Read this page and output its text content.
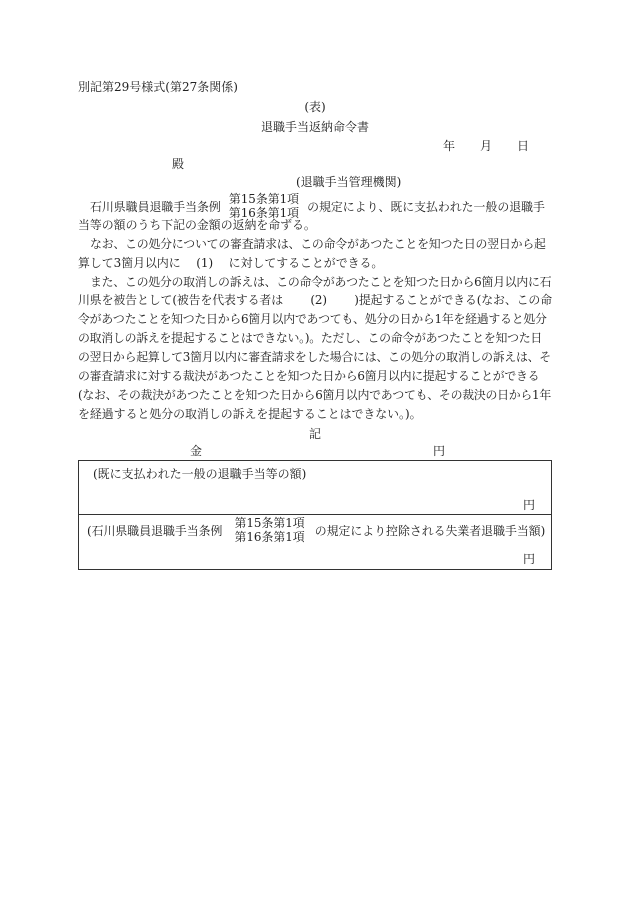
別記第29号様式(第27条関係)
(表)
退職手当返納命令書
年 月 日
殿
(退職手当管理機関)
石川県職員退職手当条例
第15条第1項
第16条第1項 の規定により、既に支払われた一般の退職手
当等の額のうち下記の金額の返納を命ずる。
なお、この処分についての審査請求は、この命令があつたことを知つた日の翌日から起
算して3箇月以内に (1) に対してすることができる。
また、この処分の取消しの訴えは、この命令があつたことを知つた日から6箇月以内に石
川県を被告として(被告を代表する者は (2) )提起することができる(なお、この命
令があつたことを知つた日から6箇月以内であつても、処分の日から1年を経過すると処分
の取消しの訴えを提起することはできない。)。ただし、この命令があつたことを知つた日
の翌日から起算して3箇月以内に審査請求をした場合には、この処分の取消しの訴えは、そ
の審査請求に対する裁決があつたことを知つた日から6箇月以内に提起することができる
(なお、その裁決があつたことを知つた日から6箇月以内であつても、その裁決の日から1年
を経過すると処分の取消しの訴えを提起することはできない。)。
記
金	円
(既に支払われた一般の退職手当等の額)
円
(石川県職員退職手当条例
第15条第1項
第16条第1項 の規定により控除される失業者退職手当額)
円
